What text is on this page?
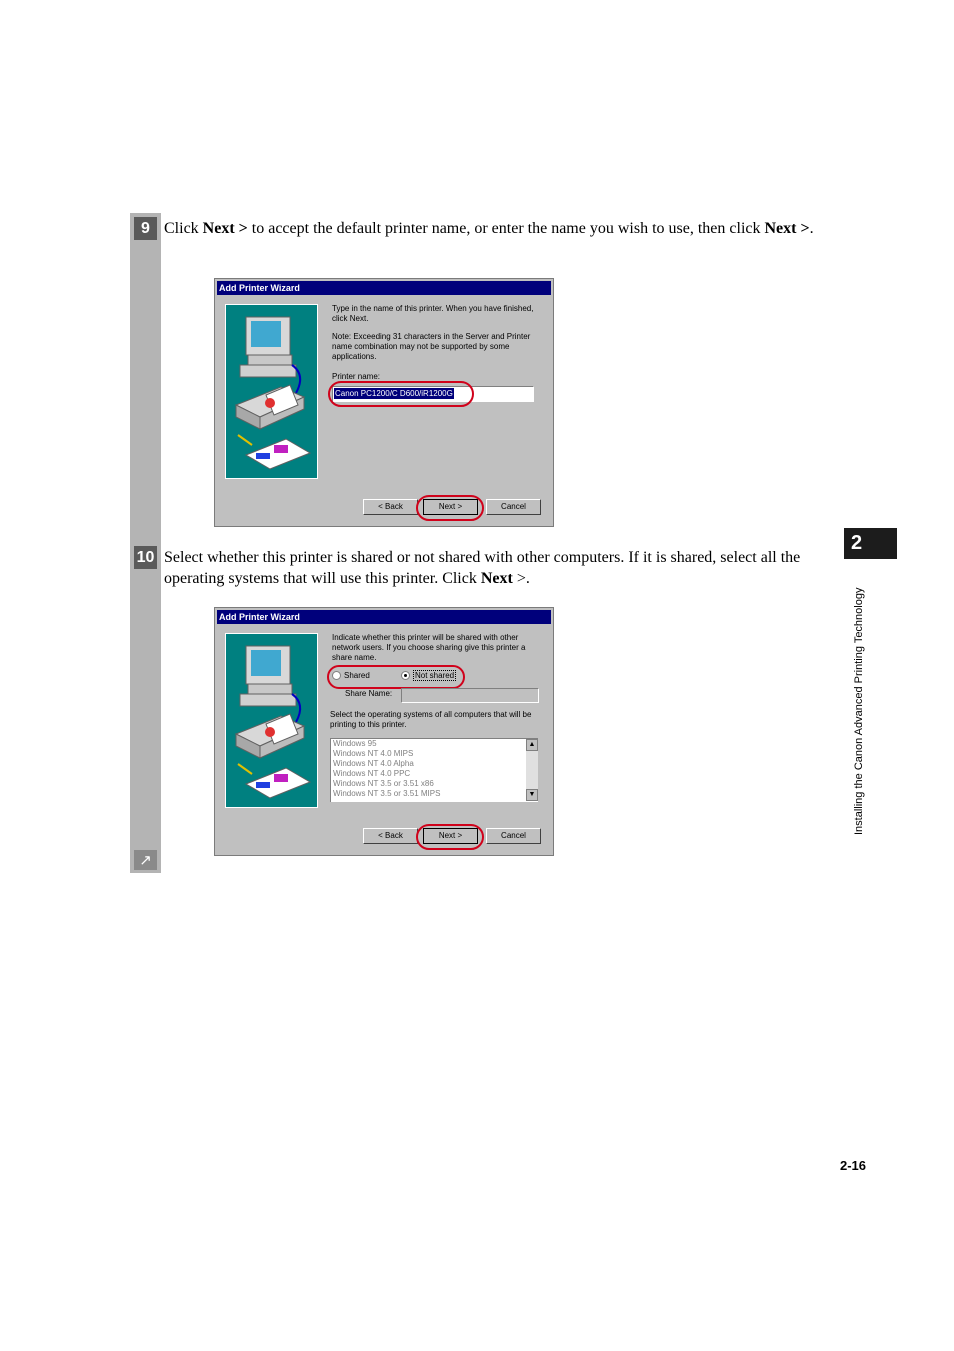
9 Click Next > to accept the default printer name, or enter the name you wish to use, then click Next >.
Add Printer Wizard
Type in the name of this printer. When you have finished, click Next.
Note: Exceeding 31 characters in the Server and Printer name combination may not be supported by some applications.
Printer name:
Canon PC1200/C D600/iR1200G
< Back	Next >	Cancel
10 Select whether this printer is shared or not shared with other computers. If it is shared, select all the operating systems that will use this printer. Click Next >.
Add Printer Wizard
Indicate whether this printer will be shared with other network users. If you choose sharing give this printer a share name.
Shared	Not shared
Share Name:
Select the operating systems of all computers that will be printing to this printer.
Windows 95
Windows NT 4.0 MIPS
Windows NT 4.0 Alpha
Windows NT 4.0 PPC
Windows NT 3.5 or 3.51 x86
Windows NT 3.5 or 3.51 MIPS
▲
▼
< Back	Next >	Cancel
↗
2
Installing the Canon Advanced Printing Technology
2-16
